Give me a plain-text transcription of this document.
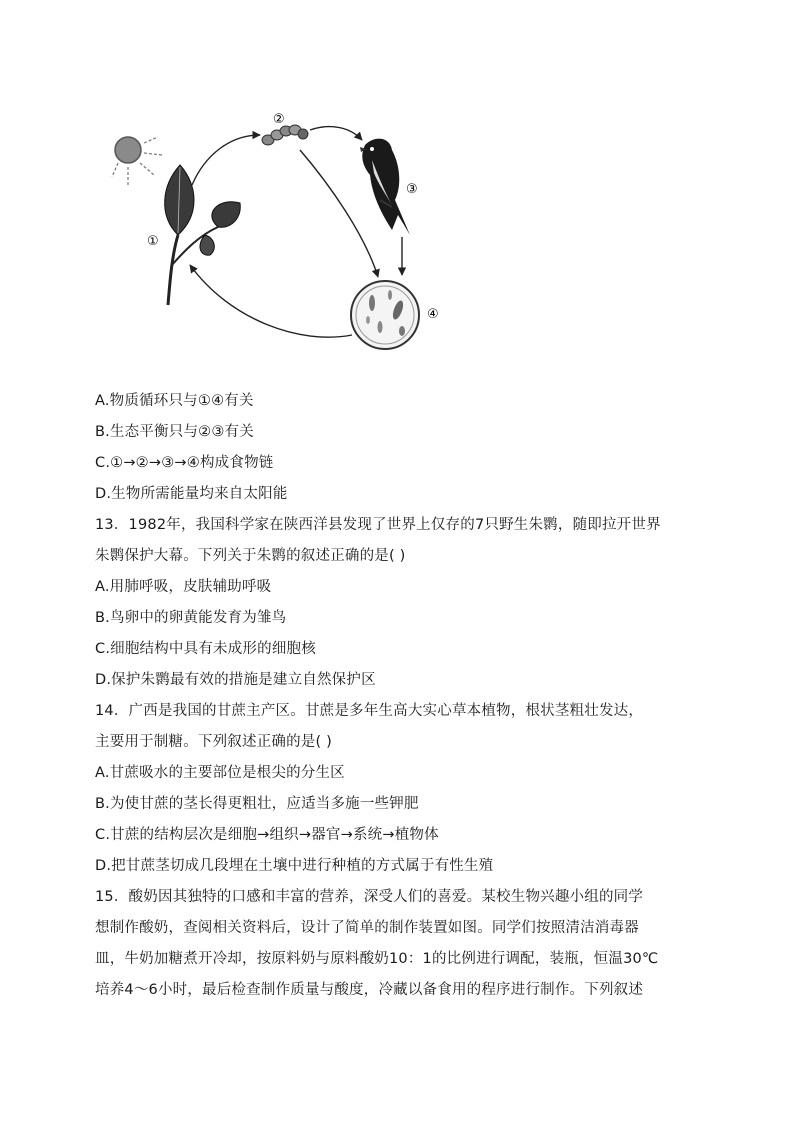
①
②
③
④
A.物质循环只与①④有关
B.生态平衡只与②③有关
C.①→②→③→④构成食物链
D.生物所需能量均来自太阳能
13．1982年，我国科学家在陕西洋县发现了世界上仅存的7只野生朱鹮，随即拉开世界
朱鹮保护大幕。下列关于朱鹮的叙述正确的是( )
A.用肺呼吸，皮肤辅助呼吸
B.鸟卵中的卵黄能发育为雏鸟
C.细胞结构中具有未成形的细胞核
D.保护朱鹮最有效的措施是建立自然保护区
14．广西是我国的甘蔗主产区。甘蔗是多年生高大实心草本植物，根状茎粗壮发达，
主要用于制糖。下列叙述正确的是( )
A.甘蔗吸水的主要部位是根尖的分生区
B.为使甘蔗的茎长得更粗壮，应适当多施一些钾肥
C.甘蔗的结构层次是细胞→组织→器官→系统→植物体
D.把甘蔗茎切成几段埋在土壤中进行种植的方式属于有性生殖
15．酸奶因其独特的口感和丰富的营养，深受人们的喜爱。某校生物兴趣小组的同学
想制作酸奶，查阅相关资料后，设计了简单的制作装置如图。同学们按照清洁消毒器
皿，牛奶加糖煮开冷却，按原料奶与原料酸奶10：1的比例进行调配，装瓶，恒温30℃
培养4～6小时，最后检查制作质量与酸度，冷藏以备食用的程序进行制作。下列叙述
